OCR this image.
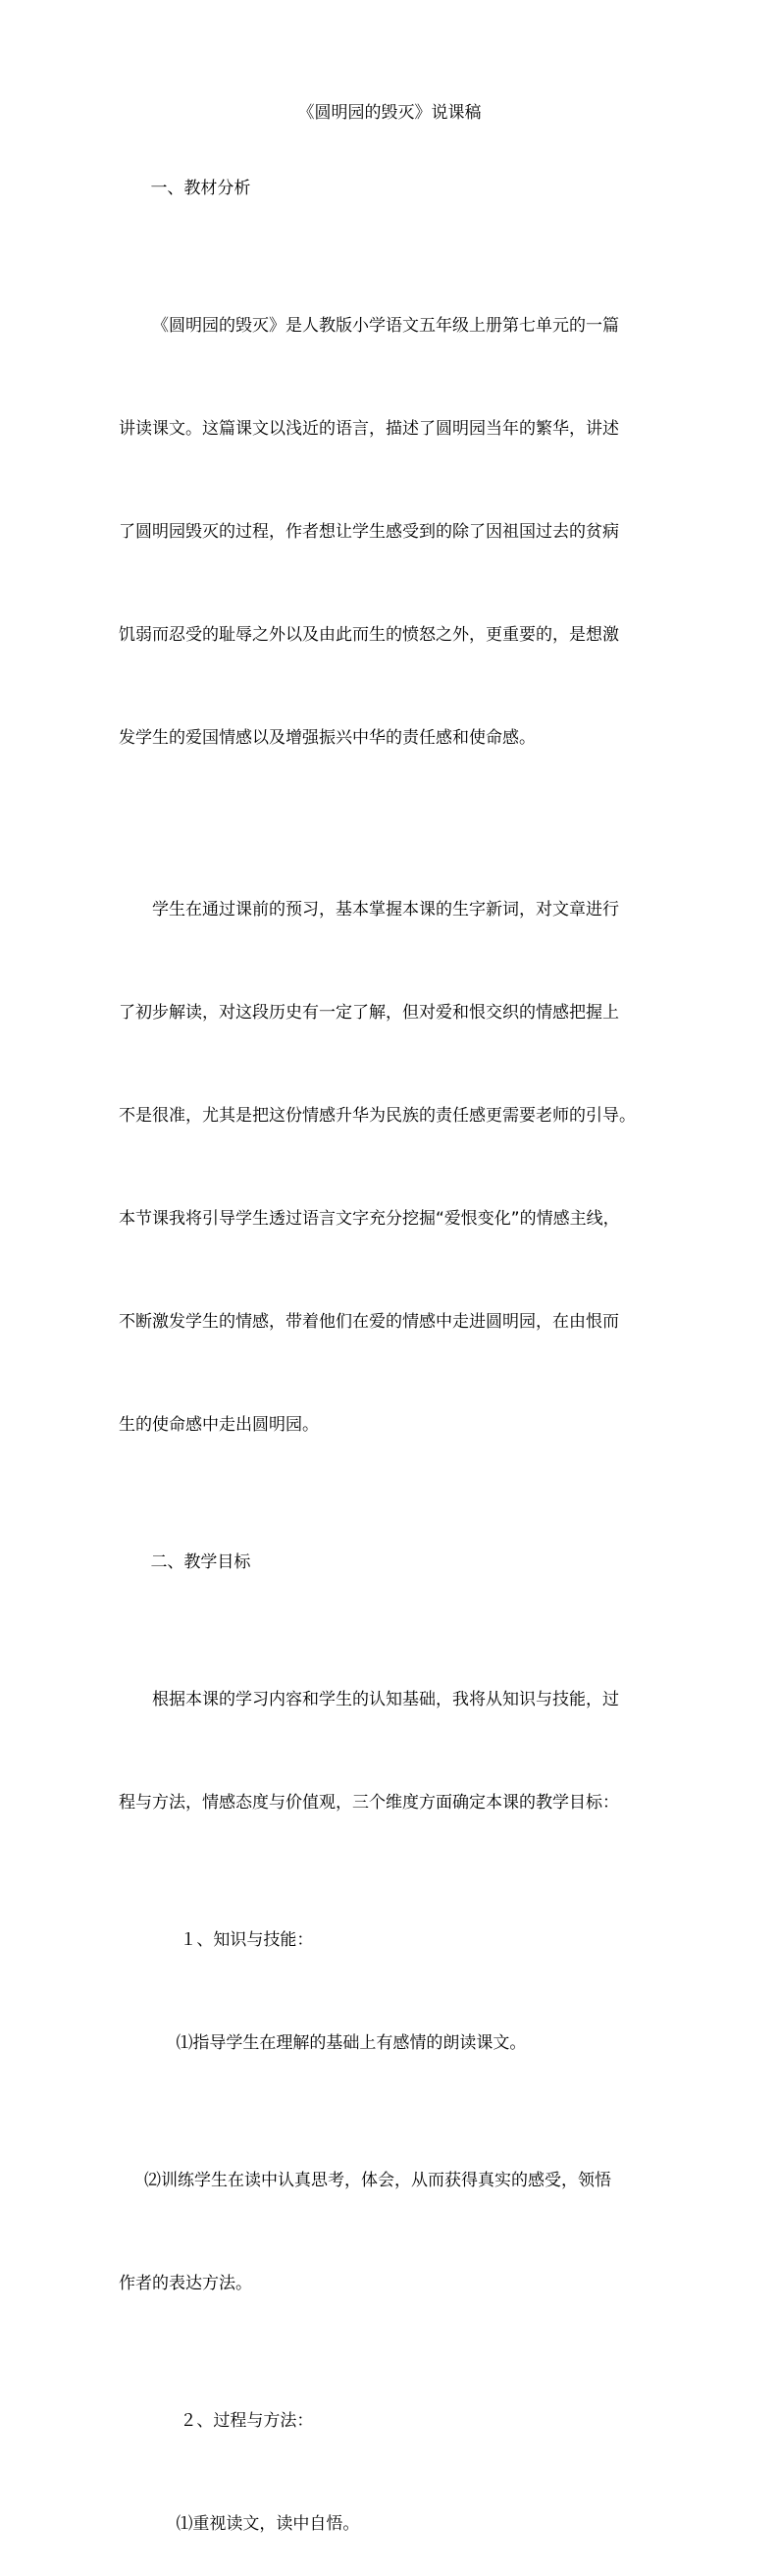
《圆明园的毁灭》说课稿

一、教材分析

《圆明园的毁灭》是人教版小学语文五年级上册第七单元的一篇

讲读课文。这篇课文以浅近的语言，描述了圆明园当年的繁华，讲述

了圆明园毁灭的过程，作者想让学生感受到的除了因祖国过去的贫病

饥弱而忍受的耻辱之外以及由此而生的愤怒之外，更重要的，是想激

发学生的爱国情感以及增强振兴中华的责任感和使命感。

学生在通过课前的预习，基本掌握本课的生字新词，对文章进行

了初步解读，对这段历史有一定了解，但对爱和恨交织的情感把握上

不是很准，尤其是把这份情感升华为民族的责任感更需要老师的引导。

本节课我将引导学生透过语言文字充分挖掘“爱恨变化”的情感主线，

不断激发学生的情感，带着他们在爱的情感中走进圆明园，在由恨而

生的使命感中走出圆明园。

二、教学目标

根据本课的学习内容和学生的认知基础，我将从知识与技能，过

程与方法，情感态度与价值观，三个维度方面确定本课的教学目标：

１、知识与技能：

⑴指导学生在理解的基础上有感情的朗读课文。

⑵训练学生在读中认真思考，体会，从而获得真实的感受，领悟

作者的表达方法。

２、过程与方法：

⑴重视读文，读中自悟。
